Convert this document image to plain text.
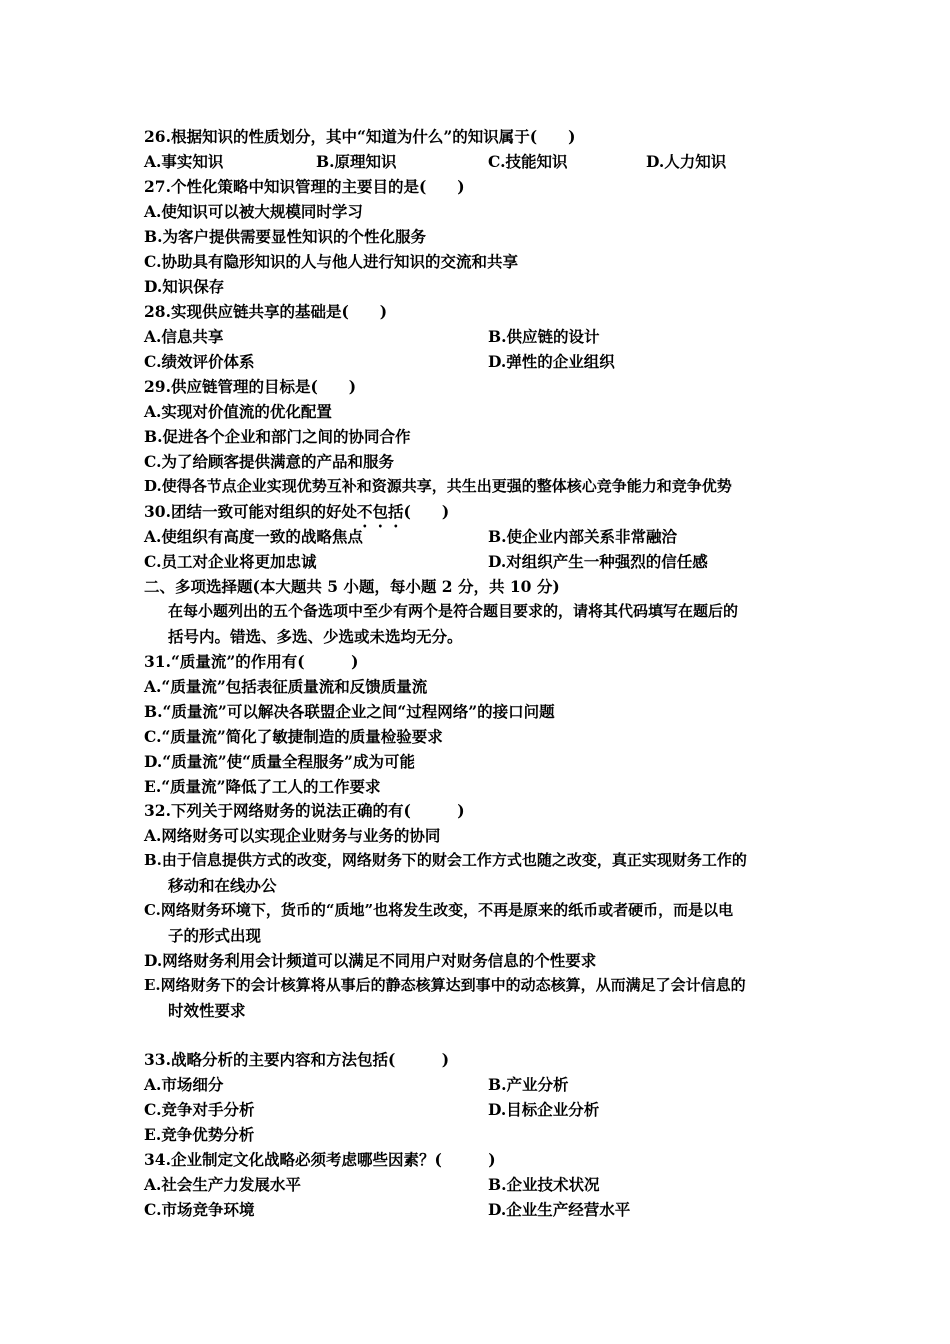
26.根据知识的性质划分，其中“知道为什么”的知识属于(　　)
A.事实知识	B.原理知识	C.技能知识	D.人力知识
27.个性化策略中知识管理的主要目的是(　　)
A.使知识可以被大规模同时学习
B.为客户提供需要显性知识的个性化服务
C.协助具有隐形知识的人与他人进行知识的交流和共享
D.知识保存
28.实现供应链共享的基础是(　　)
A.信息共享	B.供应链的设计
C.绩效评价体系	D.弹性的企业组织
29.供应链管理的目标是(　　)
A.实现对价值流的优化配置
B.促进各个企业和部门之间的协同合作
C.为了给顾客提供满意的产品和服务
D.使得各节点企业实现优势互补和资源共享，共生出更强的整体核心竞争能力和竞争优势
30.团结一致可能对组织的好处不包括(　　)
A.使组织有高度一致的战略焦点	B.使企业内部关系非常融洽
C.员工对企业将更加忠诚	D.对组织产生一种强烈的信任感
二、多项选择题(本大题共 5 小题，每小题 2 分，共 10 分)
在每小题列出的五个备选项中至少有两个是符合题目要求的，请将其代码填写在题后的
括号内。错选、多选、少选或未选均无分。
31.“质量流”的作用有(　　　)
A.“质量流”包括表征质量流和反馈质量流
B.“质量流”可以解决各联盟企业之间“过程网络”的接口问题
C.“质量流”简化了敏捷制造的质量检验要求
D.“质量流”使“质量全程服务”成为可能
E.“质量流”降低了工人的工作要求
32.下列关于网络财务的说法正确的有(　　　)
A.网络财务可以实现企业财务与业务的协同
B.由于信息提供方式的改变，网络财务下的财会工作方式也随之改变，真正实现财务工作的
移动和在线办公
C.网络财务环境下，货币的“质地”也将发生改变，不再是原来的纸币或者硬币，而是以电
子的形式出现
D.网络财务利用会计频道可以满足不同用户对财务信息的个性要求
E.网络财务下的会计核算将从事后的静态核算达到事中的动态核算，从而满足了会计信息的
时效性要求
33.战略分析的主要内容和方法包括(　　　)
A.市场细分	B.产业分析
C.竞争对手分析	D.目标企业分析
E.竞争优势分析
34.企业制定文化战略必须考虑哪些因素？(　　　)
A.社会生产力发展水平	B.企业技术状况
C.市场竞争环境	D.企业生产经营水平
